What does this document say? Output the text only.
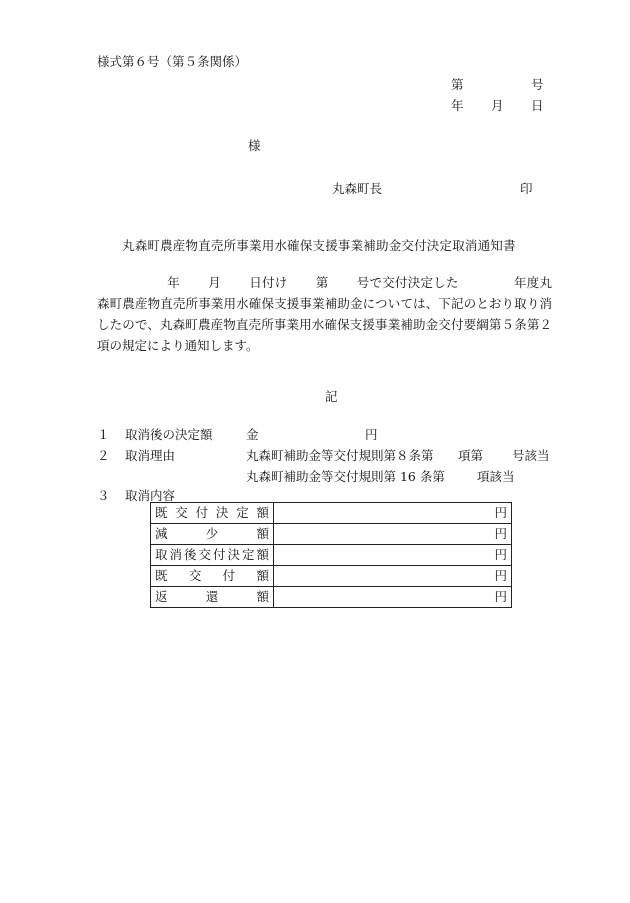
様式第６号（第５条関係）
第	号
年 月 日
様
丸森町長	印
丸森町農産物直売所事業用水確保支援事業補助金交付決定取消通知書
年 月 日付け 第 号で交付決定した	年度丸森町農産物直売所事業用水確保支援事業補助金については、下記のとおり取り消したので、丸森町農産物直売所事業用水確保支援事業補助金交付要綱第５条第２項の規定により通知します。
記
１ 取消後の決定額	金	円
２ 取消理由	丸森町補助金等交付規則第８条第 項第 号該当
丸森町補助金等交付規則第 16 条第	項該当
３ 取消内容
既交付決定額	円
減少額	円
取消後交付決定額	円
既交付額	円
返還額	円
